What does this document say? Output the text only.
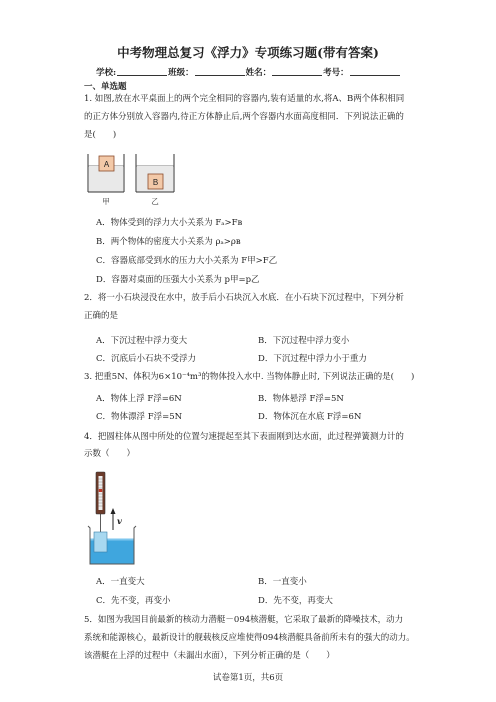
中考物理总复习《浮力》专项练习题(带有答案)
学校:	班级：	姓名：	考号：
一、单选题
1. 如图,放在水平桌面上的两个完全相同的容器内,装有适量的水,将A、B两个体积相同
的正方体分别放入容器内,待正方体静止后,两个容器内水面高度相同．下列说法正确的
是(　　)
A
B
甲	乙
A．物体受到的浮力大小关系为 Fₐ>Fʙ
B．两个物体的密度大小关系为 ρₐ>ρʙ
C．容器底部受到水的压力大小关系为 F甲>F乙
D．容器对桌面的压强大小关系为 p甲=p乙
2．将一小石块浸没在水中，放手后小石块沉入水底．在小石块下沉过程中，下列分析
正确的是
A．下沉过程中浮力变大	B．下沉过程中浮力变小
C．沉底后小石块不受浮力	D．下沉过程中浮力小于重力
3. 把重5N、体积为6×10⁻⁴m³的物体投入水中. 当物体静止时, 下列说法正确的是(　　)
A．物体上浮 F浮=6N	B．物体悬浮 F浮=5N
C．物体漂浮 F浮=5N	D．物体沉在水底 F浮=6N
4．把圆柱体从图中所处的位置匀速提起至其下表面刚到达水面，此过程弹簧测力计的
示数（　　）
v
A．一直变大	B．一直变小
C．先不变，再变小	D．先不变，再变大
5．如图为我国目前最新的核动力潜艇－094核潜艇，它采取了最新的降噪技术，动力
系统和能源核心，最新设计的舰载核反应堆使得094核潜艇具备前所未有的强大的动力。
该潜艇在上浮的过程中（未漏出水面），下列分析正确的是（　　）
试卷第1页，共6页
